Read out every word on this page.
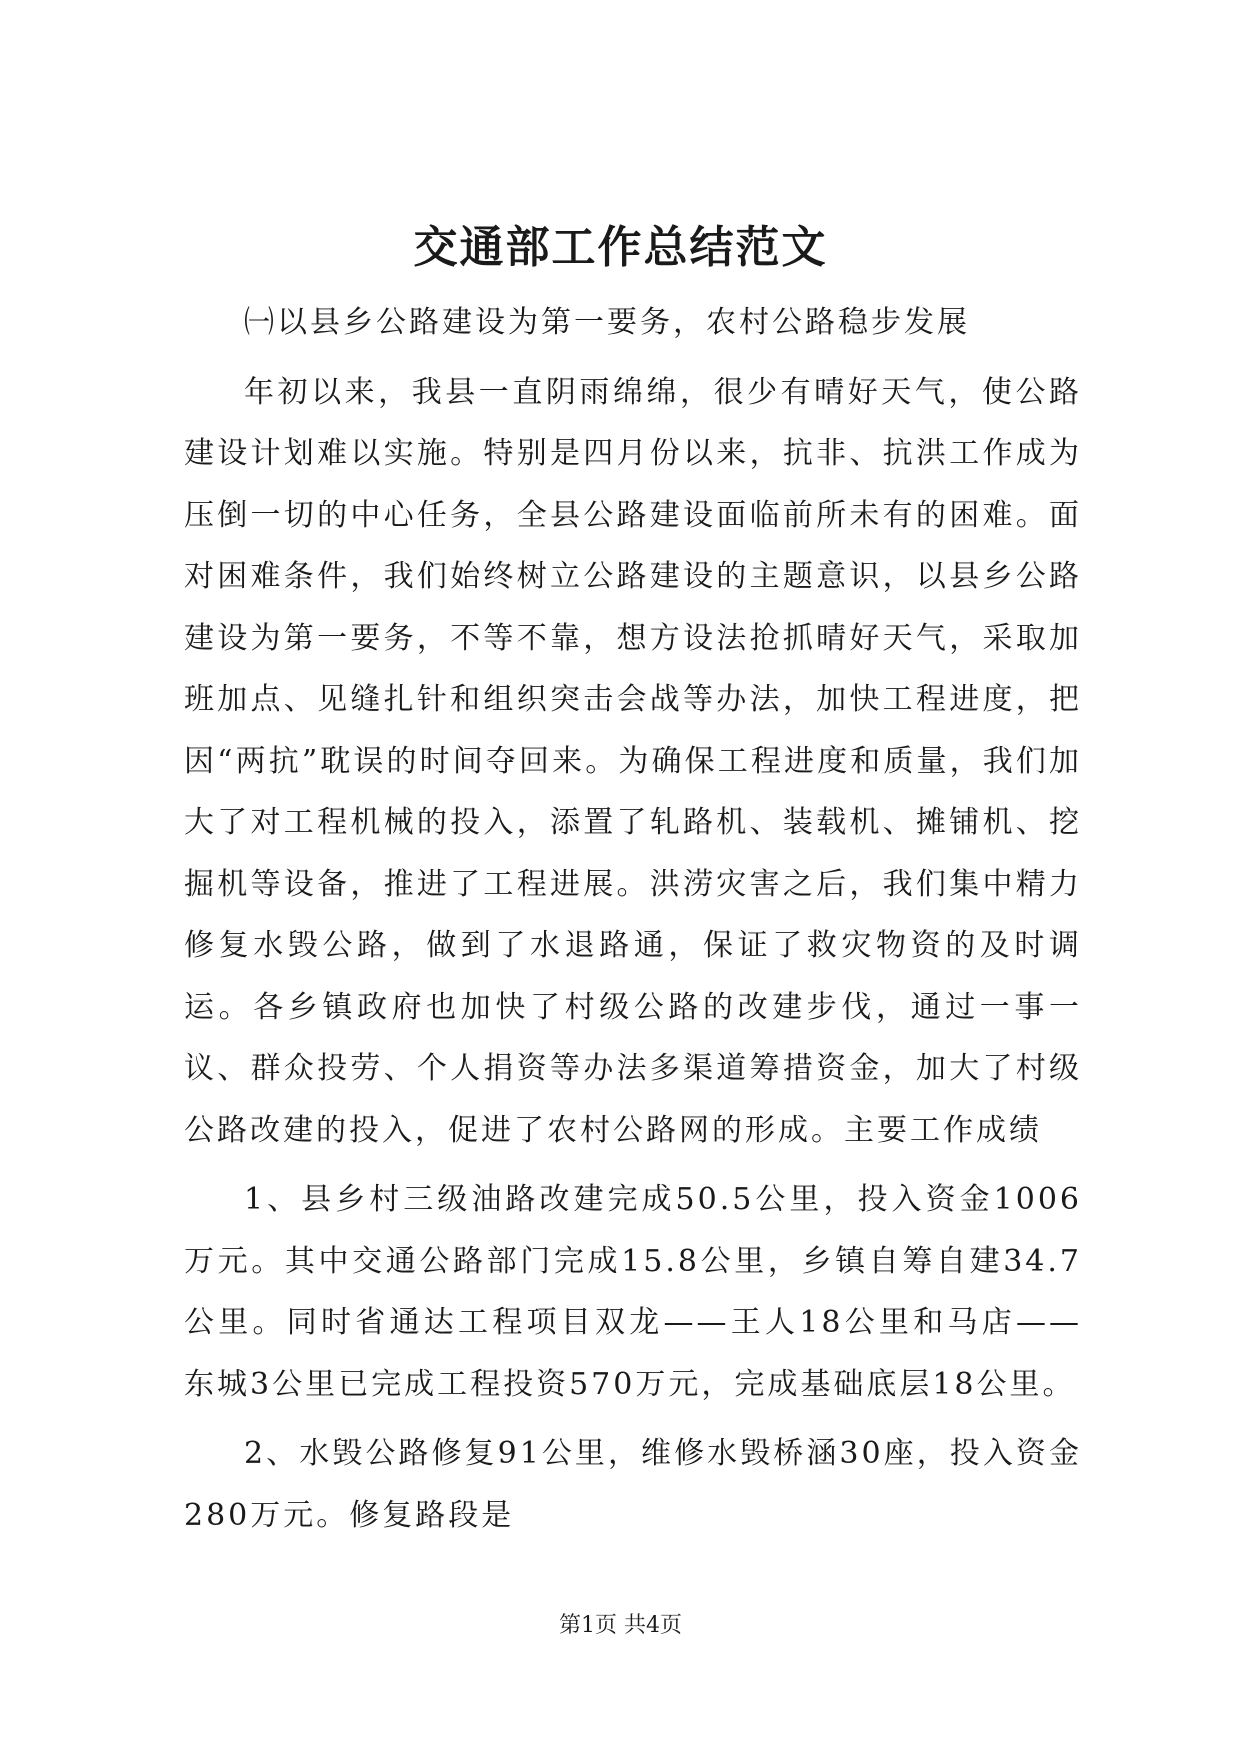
交通部工作总结范文

㈠以县乡公路建设为第一要务，农村公路稳步发展

年初以来，我县一直阴雨绵绵，很少有晴好天气，使公路建设计划难以实施。特别是四月份以来，抗非、抗洪工作成为压倒一切的中心任务，全县公路建设面临前所未有的困难。面对困难条件，我们始终树立公路建设的主题意识，以县乡公路建设为第一要务，不等不靠，想方设法抢抓晴好天气，采取加班加点、见缝扎针和组织突击会战等办法，加快工程进度，把因“两抗”耽误的时间夺回来。为确保工程进度和质量，我们加大了对工程机械的投入，添置了轧路机、装载机、摊铺机、挖掘机等设备，推进了工程进展。洪涝灾害之后，我们集中精力修复水毁公路，做到了水退路通，保证了救灾物资的及时调运。各乡镇政府也加快了村级公路的改建步伐，通过一事一议、群众投劳、个人捐资等办法多渠道筹措资金，加大了村级公路改建的投入，促进了农村公路网的形成。主要工作成绩

1、县乡村三级油路改建完成50.5公里，投入资金1006万元。其中交通公路部门完成15.8公里，乡镇自筹自建34.7公里。同时省通达工程项目双龙——王人18公里和马店——东城3公里已完成工程投资570万元，完成基础底层18公里。

2、水毁公路修复91公里，维修水毁桥涵30座，投入资金280万元。修复路段是

第1页 共4页
